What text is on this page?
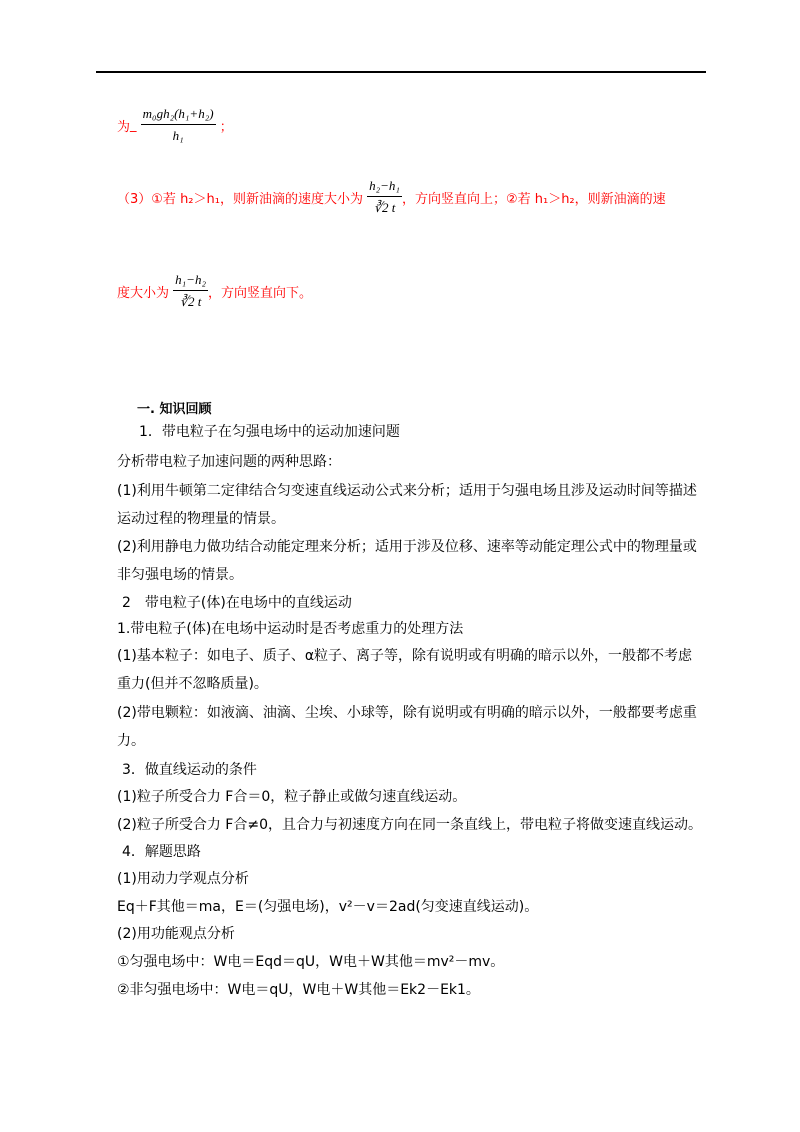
为_ $\frac{\text{m₀gh₂(h₁+h₂)}}{\text{h₁}}$ ；
（3）①若 h₂＞h₁，则新油滴的速度大小为 $\frac{\text{h₂−h₁}}{∛2 t}$ ，方向竖直向上；②若 h₁＞h₂，则新油滴的速
度大小为 $\frac{\text{h₁−h₂}}{∛2 t}$ ，方向竖直向下。
一. 知识回顾
1．带电粒子在匀强电场中的运动加速问题
分析带电粒子加速问题的两种思路：
(1)利用牛顿第二定律结合匀变速直线运动公式来分析；适用于匀强电场且涉及运动时间等描述
运动过程的物理量的情景。
(2)利用静电力做功结合动能定理来分析；适用于涉及位移、速率等动能定理公式中的物理量或
非匀强电场的情景。
2　带电粒子(体)在电场中的直线运动
1.带电粒子(体)在电场中运动时是否考虑重力的处理方法
(1)基本粒子：如电子、质子、α粒子、离子等，除有说明或有明确的暗示以外，一般都不考虑
重力(但并不忽略质量)。
(2)带电颗粒：如液滴、油滴、尘埃、小球等，除有说明或有明确的暗示以外，一般都要考虑重
力。
3．做直线运动的条件
(1)粒子所受合力 F合＝0，粒子静止或做匀速直线运动。
(2)粒子所受合力 F合≠0，且合力与初速度方向在同一条直线上，带电粒子将做变速直线运动。
4．解题思路
(1)用动力学观点分析
Eq＋F其他＝ma，E＝(匀强电场)，v²－v＝2ad(匀变速直线运动)。
(2)用功能观点分析
①匀强电场中：W电＝Eqd＝qU，W电＋W其他＝mv²－mv。
②非匀强电场中：W电＝qU，W电＋W其他＝Ek2－Ek1。
